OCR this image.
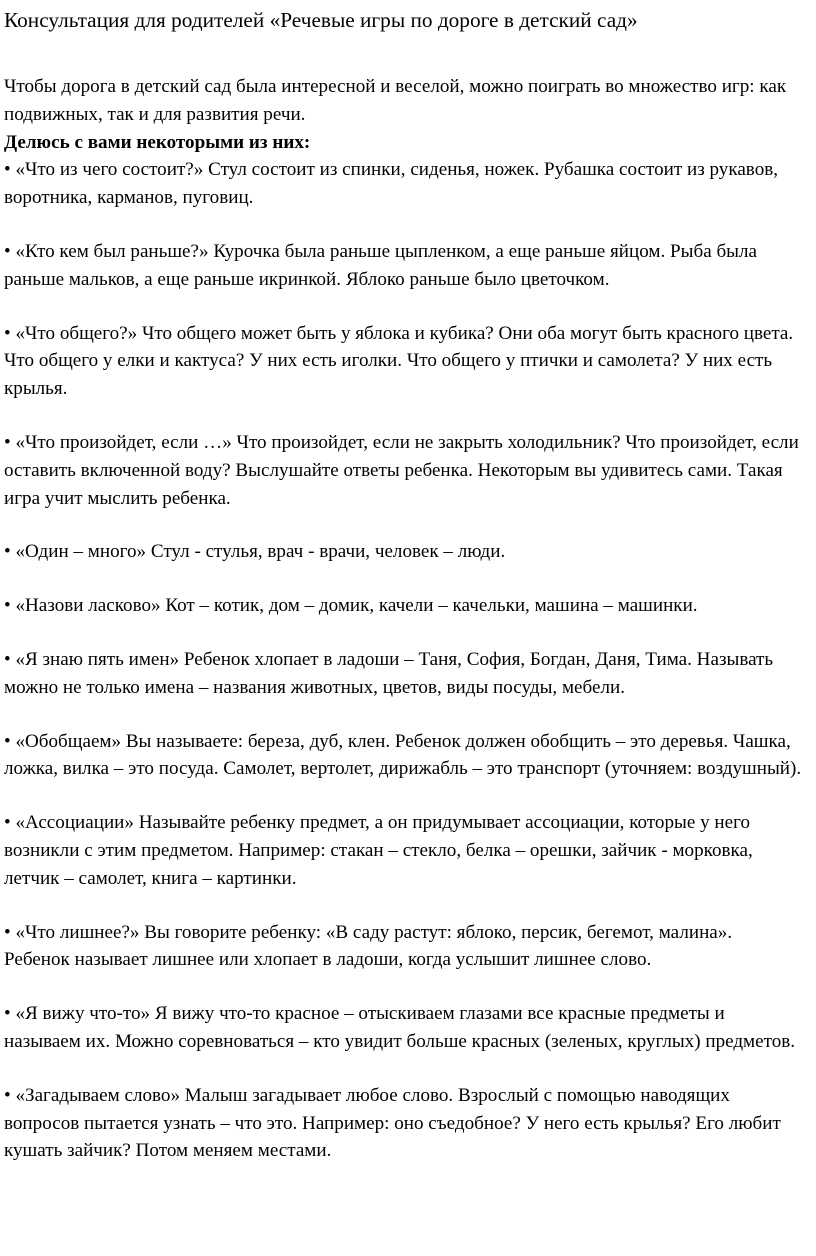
Консультация для родителей «Речевые игры по дороге в детский сад»

Чтобы дорога в детский сад была интересной и веселой, можно поиграть во множество игр: как подвижных, так и для развития речи.

Делюсь с вами некоторыми из них:

• «Что из чего состоит?» Стул состоит из спинки, сиденья, ножек. Рубашка состоит из рукавов, воротника, карманов, пуговиц.

• «Кто кем был раньше?» Курочка была раньше цыпленком, а еще раньше яйцом. Рыба была раньше мальков, а еще раньше икринкой. Яблоко раньше было цветочком.

• «Что общего?» Что общего может быть у яблока и кубика? Они оба могут быть красного цвета. Что общего у елки и кактуса? У них есть иголки. Что общего у птички и самолета? У них есть крылья.

• «Что произойдет, если …» Что произойдет, если не закрыть холодильник? Что произойдет, если оставить включенной воду? Выслушайте ответы ребенка. Некоторым вы удивитесь сами. Такая игра учит мыслить ребенка.

• «Один – много» Стул - стулья, врач - врачи, человек – люди.

• «Назови ласково» Кот – котик, дом – домик, качели – качельки, машина – машинки.

• «Я знаю пять имен» Ребенок хлопает в ладоши – Таня, София, Богдан, Даня, Тима. Называть можно не только имена – названия животных, цветов, виды посуды, мебели.

• «Обобщаем» Вы называете: береза, дуб, клен. Ребенок должен обобщить – это деревья. Чашка, ложка, вилка – это посуда. Самолет, вертолет, дирижабль – это транспорт (уточняем: воздушный).

• «Ассоциации» Называйте ребенку предмет, а он придумывает ассоциации, которые у него возникли с этим предметом. Например: стакан – стекло, белка – орешки, зайчик - морковка, летчик – самолет, книга – картинки.

• «Что лишнее?» Вы говорите ребенку: «В саду растут: яблоко, персик, бегемот, малина». Ребенок называет лишнее или хлопает в ладоши, когда услышит лишнее слово.

• «Я вижу что-то» Я вижу что-то красное – отыскиваем глазами все красные предметы и называем их. Можно соревноваться – кто увидит больше красных (зеленых, круглых) предметов.

• «Загадываем слово» Малыш загадывает любое слово. Взрослый с помощью наводящих вопросов пытается узнать – что это. Например: оно съедобное? У него есть крылья? Его любит кушать зайчик? Потом меняем местами.
